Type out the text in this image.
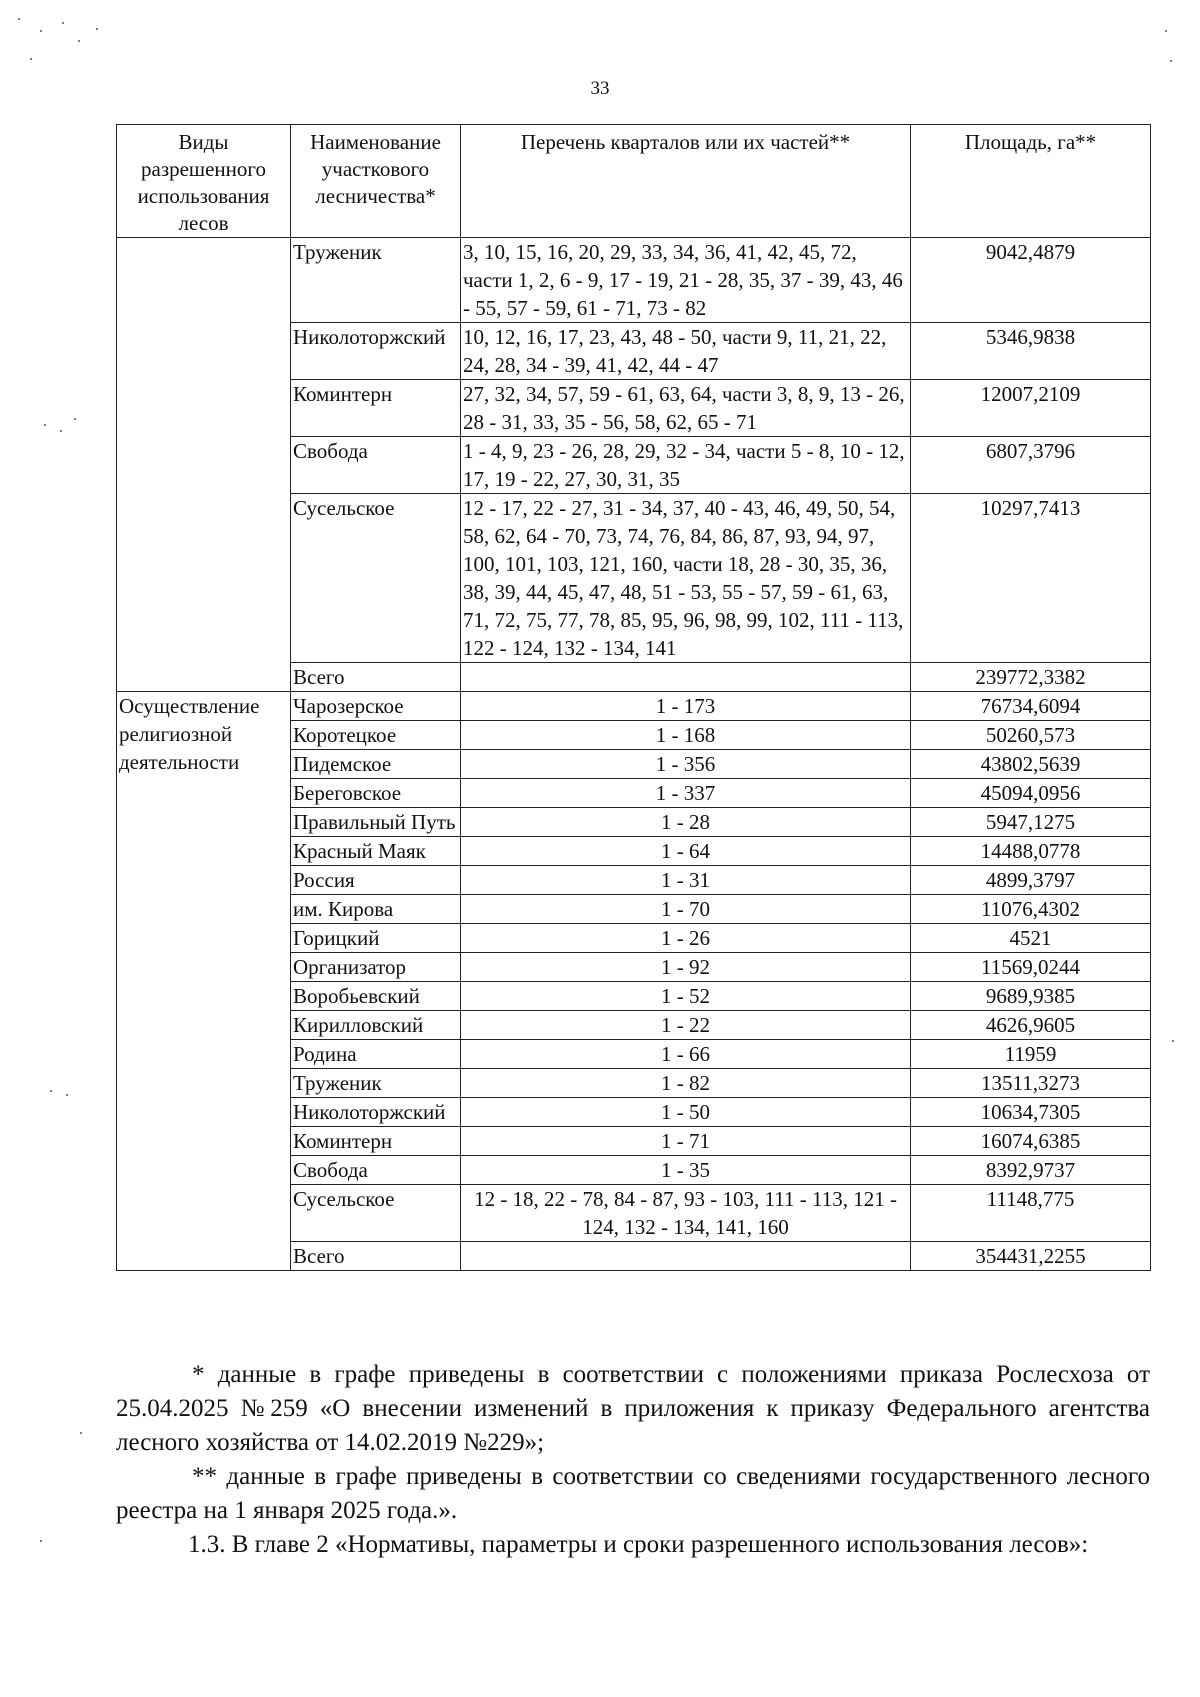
33
Виды разрешенного использования лесов	Наименование участкового лесничества*	Перечень кварталов или их частей**	Площадь, га**
	Труженик	3, 10, 15, 16, 20, 29, 33, 34, 36, 41, 42, 45, 72, части 1, 2, 6 - 9, 17 - 19, 21 - 28, 35, 37 - 39, 43, 46 - 55, 57 - 59, 61 - 71, 73 - 82	9042,4879
	Николоторжский	10, 12, 16, 17, 23, 43, 48 - 50, части 9, 11, 21, 22, 24, 28, 34 - 39, 41, 42, 44 - 47	5346,9838
	Коминтерн	27, 32, 34, 57, 59 - 61, 63, 64, части 3, 8, 9, 13 - 26, 28 - 31, 33, 35 - 56, 58, 62, 65 - 71	12007,2109
	Свобода	1 - 4, 9, 23 - 26, 28, 29, 32 - 34, части 5 - 8, 10 - 12, 17, 19 - 22, 27, 30, 31, 35	6807,3796
	Сусельское	12 - 17, 22 - 27, 31 - 34, 37, 40 - 43, 46, 49, 50, 54, 58, 62, 64 - 70, 73, 74, 76, 84, 86, 87, 93, 94, 97, 100, 101, 103, 121, 160, части 18, 28 - 30, 35, 36, 38, 39, 44, 45, 47, 48, 51 - 53, 55 - 57, 59 - 61, 63, 71, 72, 75, 77, 78, 85, 95, 96, 98, 99, 102, 111 - 113, 122 - 124, 132 - 134, 141	10297,7413
	Всего		239772,3382
Осуществление религиозной деятельности	Чарозерское	1 - 173	76734,6094
	Коротецкое	1 - 168	50260,573
	Пидемское	1 - 356	43802,5639
	Береговское	1 - 337	45094,0956
	Правильный Путь	1 - 28	5947,1275
	Красный Маяк	1 - 64	14488,0778
	Россия	1 - 31	4899,3797
	им. Кирова	1 - 70	11076,4302
	Горицкий	1 - 26	4521
	Организатор	1 - 92	11569,0244
	Воробьевский	1 - 52	9689,9385
	Кирилловский	1 - 22	4626,9605
	Родина	1 - 66	11959
	Труженик	1 - 82	13511,3273
	Николоторжский	1 - 50	10634,7305
	Коминтерн	1 - 71	16074,6385
	Свобода	1 - 35	8392,9737
	Сусельское	12 - 18, 22 - 78, 84 - 87, 93 - 103, 111 - 113, 121 - 124, 132 - 134, 141, 160	11148,775
	Всего		354431,2255

* данные в графе приведены в соответствии с положениями приказа Рослесхоза от 25.04.2025 №259 «О внесении изменений в приложения к приказу Федерального агентства лесного хозяйства от 14.02.2019 №229»;

** данные в графе приведены в соответствии со сведениями государственного лесного реестра на 1 января 2025 года.».

1.3. В главе 2 «Нормативы, параметры и сроки разрешенного использования лесов»:
